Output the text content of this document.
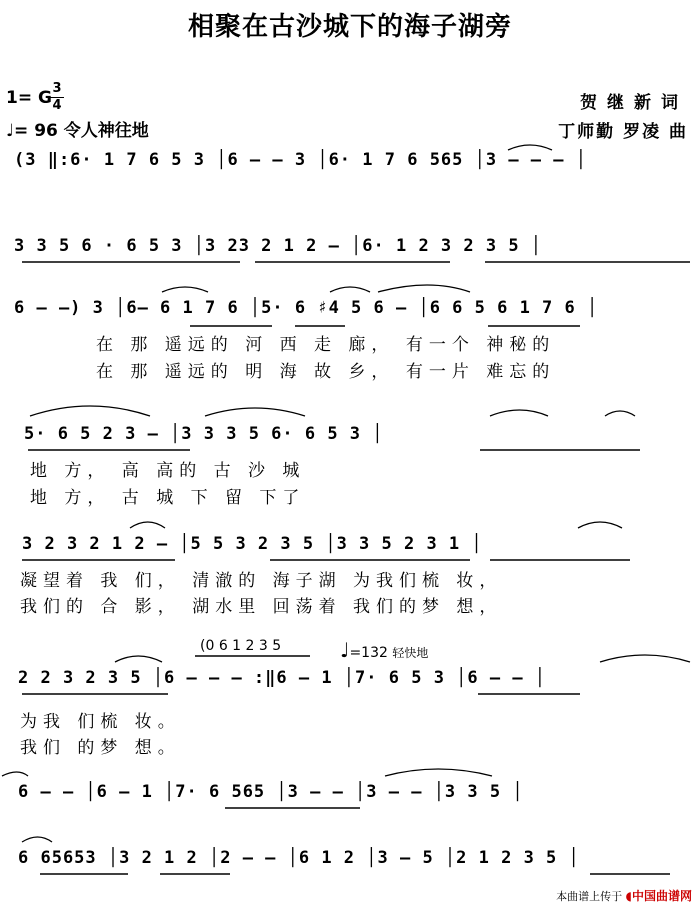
相聚在古沙城下的海子湖旁
1= G 3
4
♩= 96 令人神往地
贺继新词
丁师勤 罗凌 曲
(3 ‖:6· 1 7 6 5 3 │6 — — 3 │6· 1 7 6 565 │3 — — — │
3 3 5 6 · 6 5 3 │3 23 2 1 2 — │6· 1 2 3 2 3 5 │
6 — —) 3 │6— 6 1 7 6 │5· 6 ♯4 5 6 — │6 6 5 6 1 7 6 │
在 那 遥远的 河 西 走 廊， 有一个 神秘的
在 那 遥远的 明 海 故 乡， 有一片 难忘的
5· 6 5 2 3 — │3 3 3 5 6· 6 5 3 │
地 方， 高 高的 古 沙 城
地 方， 古 城 下 留 下了
3 2 3 2 1 2 — │5 5 3 2 3 5 │3 3 5 2 3 1 │
凝望着 我 们， 清澈的 海子湖 为我们梳 妆，
我们的 合 影， 湖水里 回荡着 我们的梦 想，
(0 6 1 2 3 5	♩=132 轻快地
2 2 3 2 3 5 │6 — — — :‖6 — 1 │7· 6 5 3 │6 — — │
为我 们梳 妆。
我们 的梦 想。
6 — — │6 — 1 │7· 6 565 │3 — — │3 — — │3 3 5 │
6 65653 │3 2 1 2 │2 — — │6 1 2 │3 — 5 │2 1 2 3 5 │
本曲谱上传于 ◖中国曲谱网
